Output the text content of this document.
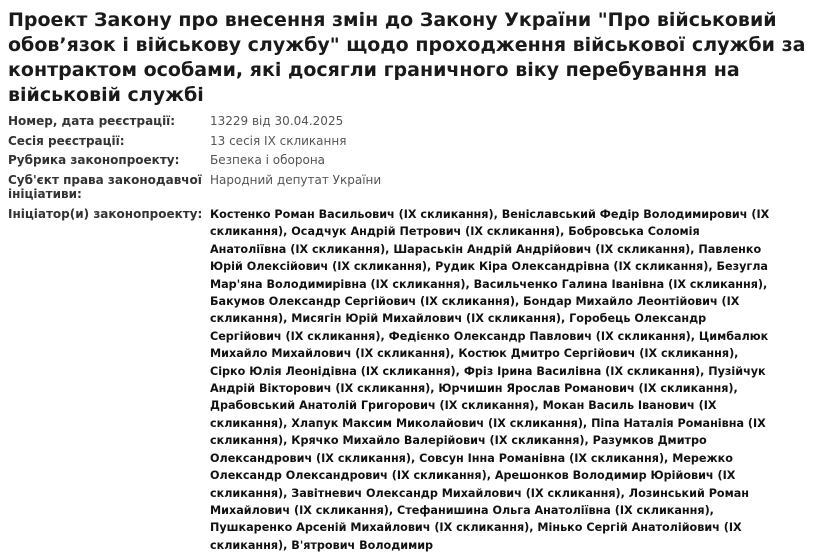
Проект Закону про внесення змін до Закону України "Про військовий обов’язок і військову службу" щодо проходження військової служби за контрактом особами, які досягли граничного віку перебування на військовій службі
Номер, дата реєстрації:	13229 від 30.04.2025
Сесія реєстрації:	13 сесія IX скликання
Рубрика законопроекту:	Безпека і оборона
Суб'єкт права законодавчої ініціативи:
Народний депутат України
Ініціатор(и) законопроекту: Костенко Роман Васильович (IX скликання), Веніславський Федір Володимирович (IX скликання), Осадчук Андрій Петрович (IX скликання), Бобровська Соломія Анатоліївна (IX скликання), Шараськін Андрій Андрійович (IX скликання), Павленко Юрій Олексійович (IX скликання), Рудик Кіра Олександрівна (IX скликання), Безугла Мар'яна Володимирівна (IX скликання), Васильченко Галина Іванівна (IX скликання), Бакумов Олександр Сергійович (IX скликання), Бондар Михайло Леонтійович (IX скликання), Мисягін Юрій Михайлович (IX скликання), Горобець Олександр Сергійович (IX скликання), Федієнко Олександр Павлович (IX скликання), Цимбалюк Михайло Михайлович (IX скликання), Костюк Дмитро Сергійович (IX скликання), Сірко Юлія Леонідівна (IX скликання), Фріз Ірина Василівна (IX скликання), Пузійчук Андрій Вікторович (IX скликання), Юрчишин Ярослав Романович (IX скликання), Драбовський Анатолій Григорович (IX скликання), Мокан Василь Іванович (IX скликання), Хлапук Максим Миколайович (IX скликання), Піпа Наталія Романівна (IX скликання), Крячко Михайло Валерійович (IX скликання), Разумков Дмитро Олександрович (IX скликання), Совсун Інна Романівна (IX скликання), Мережко Олександр Олександрович (IX скликання), Арешонков Володимир Юрійович (IX скликання), Завітневич Олександр Михайлович (IX скликання), Лозинський Роман Михайлович (IX скликання), Стефанишина Ольга Анатоліївна (IX скликання), Пушкаренко Арсеній Михайлович (IX скликання), Мінько Сергій Анатолійович (IX скликання), В'ятрович Володимир
